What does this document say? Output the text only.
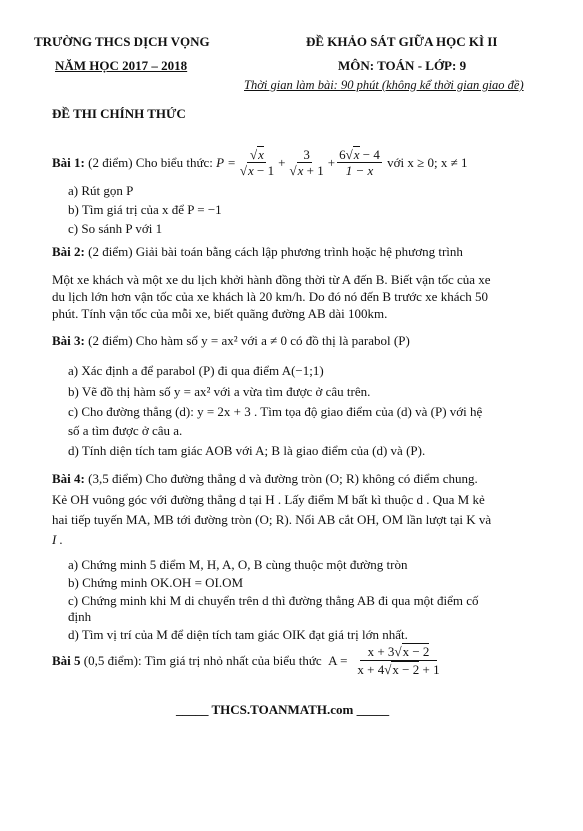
TRƯỜNG THCS DỊCH VỌNG
NĂM HỌC 2017 – 2018
ĐỀ KHẢO SÁT GIỮA HỌC KÌ II
MÔN: TOÁN - LỚP: 9
Thời gian làm bài: 90 phút (không kể thời gian giao đề)
ĐỀ THI CHÍNH THỨC
Bài 1:
(2 điểm) Cho biểu thức:
$P = \frac{√x}{√x - 1} + \frac{3}{√x + 1} + \frac{6√x - 4}{1 - x}$
với x ≥ 0; x ≠ 1
a) Rút gọn P
b) Tìm giá trị của x để P = −1
c) So sánh P với 1
Bài 2: (2 điểm) Giải bài toán bằng cách lập phương trình hoặc hệ phương trình
Một xe khách và một xe du lịch khởi hành đồng thời từ A đến B. Biết vận tốc của xe
du lịch lớn hơn vận tốc của xe khách là 20 km/h. Do đó nó đến B trước xe khách 50
phút. Tính vận tốc của mỗi xe, biết quãng đường AB dài 100km.
Bài 3: (2 điểm) Cho hàm số y = ax² với a ≠ 0 có đồ thị là parabol (P)
a) Xác định a để parabol (P) đi qua điểm A(−1;1)
b) Vẽ đồ thị hàm số y = ax² với a vừa tìm được ở câu trên.
c) Cho đường thẳng (d): y = 2x + 3 . Tìm tọa độ giao điểm của (d) và (P) với hệ
số a tìm được ở câu a.
d) Tính diện tích tam giác AOB với A; B là giao điểm của (d) và (P).
Bài 4: (3,5 điểm) Cho đường thẳng d và đường tròn (O; R) không có điểm chung.
Kẻ OH vuông góc với đường thẳng d tại H . Lấy điểm M bất kì thuộc d . Qua M kẻ
hai tiếp tuyến MA, MB tới đường tròn (O; R). Nối AB cắt OH, OM lần lượt tại K và
I .
a) Chứng minh 5 điểm M, H, A, O, B cùng thuộc một đường tròn
b) Chứng minh OK.OH = OI.OM
c) Chứng minh khi M di chuyển trên d thì đường thẳng AB đi qua một điểm cố
định
d) Tìm vị trí của M để diện tích tam giác OIK đạt giá trị lớn nhất.
Bài 5
(0,5 điểm): Tìm giá trị nhỏ nhất của biểu thức
$A = \frac{x + 3√x - 2}{x + 4√x - 2 + 1}$
_____ THCS.TOANMATH.com _____
